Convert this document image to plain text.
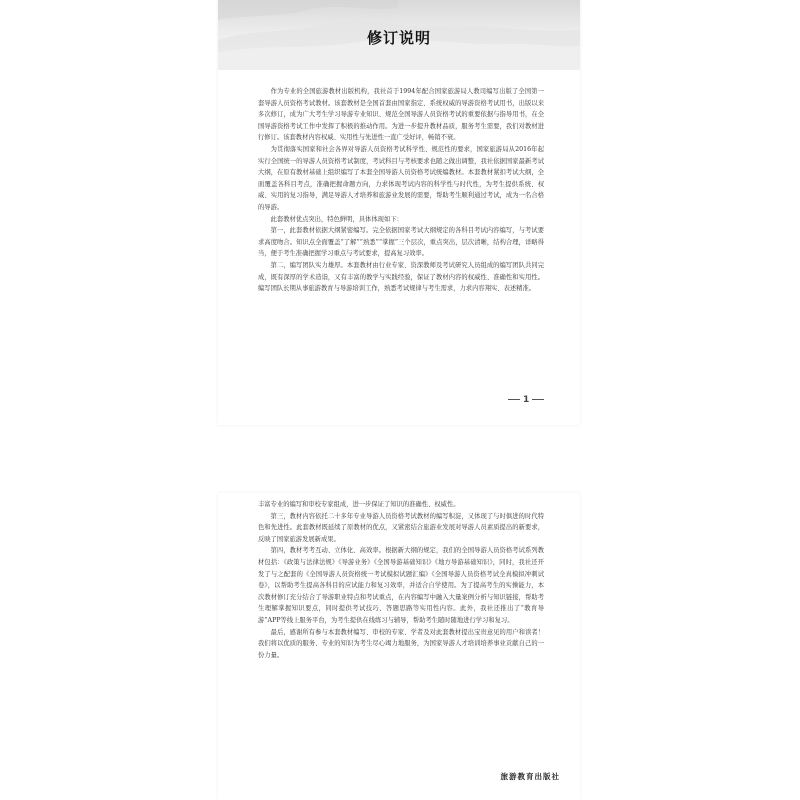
修订说明

作为专业的全国旅游教材出版机构，我社首于1994年配合国家旅游局人教司编写出版了全国第一套导游人员资格考试教材。该套教材是全国首套由国家指定、系统权威的导游资格考试用书，出版以来多次修订，成为广大考生学习导游专业知识、规范全国导游人员资格考试的重要依据与指导用书，在全国导游资格考试工作中发挥了积极的推动作用。为进一步提升教材品质，服务考生需要，我们对教材进行修订。该套教材内容权威、实用性与先进性一直广受好评，畅销不衰。

为贯彻落实国家和社会各界对导游人员资格考试科学性、规范性的要求，国家旅游局从2016年起实行全国统一的导游人员资格考试制度，考试科目与考核要求也随之做出调整，我社依据国家最新考试大纲，在原有教材基础上组织编写了本套全国导游人员资格考试统编教材。本套教材紧扣考试大纲，全面覆盖各科目考点，准确把握命题方向，力求体现考试内容的科学性与时代性，为考生提供系统、权威、实用的复习指导，满足导游人才培养和旅游业发展的需要，帮助考生顺利通过考试，成为一名合格的导游。

此套教材优点突出，特色鲜明，具体体现如下：

第一，此套教材依据大纲紧密编写。完全依据国家考试大纲规定的各科目考试内容编写，与考试要求高度吻合。知识点全面覆盖“了解”“熟悉”“掌握”三个层次，重点突出，层次清晰，结构合理，详略得当，便于考生准确把握学习重点与考试要求，提高复习效率。

第二，编写团队实力雄厚。本套教材由行业专家、资深教师及考试研究人员组成的编写团队共同完成，既有深厚的学术造诣，又有丰富的教学与实践经验，保证了教材内容的权威性、准确性和实用性。编写团队长期从事旅游教育与导游培训工作，熟悉考试规律与考生需求，力求内容翔实、表述精准。

1

丰富专业的编写和审校专家组成，进一步保证了知识的准确性、权威性。

第三，教材内容依托二十多年专业导游人员资格考试教材的编写积淀，又体现了与时俱进的时代特色和先进性。此套教材既延续了原教材的优点，又紧密结合旅游业发展对导游人员素质提出的新要求，反映了国家旅游发展新成果。

第四，教材考考互动、立体化、高效率。根据新大纲的规定，我们的全国导游人员资格考试系列教材包括：《政策与法律法规》《导游业务》《全国导游基础知识》《地方导游基础知识》，同时，我社还开发了与之配套的《全国导游人员资格统一考试模拟试题汇编》《全国导游人员资格考试全真模拟冲刺试卷》，以帮助考生提高各科目的应试能力和复习效率，并适合自学使用。为了提高考生的实操能力，本次教材修订充分结合了导游职业特点和考试重点，在内容编写中融入大量案例分析与知识链接，帮助考生理解掌握知识要点，同时提供考试技巧、答题思路等实用性内容。此外，我社还推出了“教育导游”APP等线上服务平台，为考生提供在线练习与辅导，帮助考生随时随地进行学习和复习。

最后，感谢所有参与本套教材编写、审校的专家、学者及对此套教材提出宝贵意见的用户和读者！我们将以优质的服务、专业的知识为考生尽心竭力地服务，为国家导游人才培训培养事业贡献自己的一份力量。

旅游教育出版社
